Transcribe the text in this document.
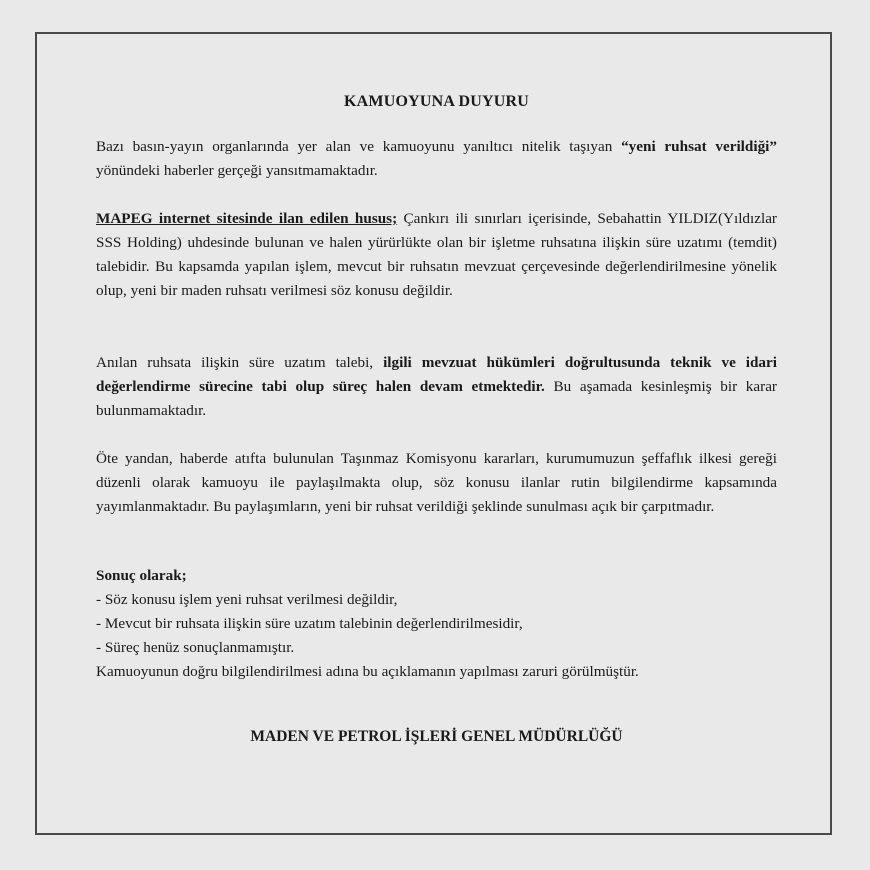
KAMUOYUNA DUYURU

Bazı basın-yayın organlarında yer alan ve kamuoyunu yanıltıcı nitelik taşıyan “yeni ruhsat verildiği” yönündeki haberler gerçeği yansıtmamaktadır.

MAPEG internet sitesinde ilan edilen husus; Çankırı ili sınırları içerisinde, Sebahattin YILDIZ(Yıldızlar SSS Holding) uhdesinde bulunan ve halen yürürlükte olan bir işletme ruhsatına ilişkin süre uzatımı (temdit) talebidir. Bu kapsamda yapılan işlem, mevcut bir ruhsatın mevzuat çerçevesinde değerlendirilmesine yönelik olup, yeni bir maden ruhsatı verilmesi söz konusu değildir.

Anılan ruhsata ilişkin süre uzatım talebi, ilgili mevzuat hükümleri doğrultusunda teknik ve idari değerlendirme sürecine tabi olup süreç halen devam etmektedir. Bu aşamada kesinleşmiş bir karar bulunmamaktadır.

Öte yandan, haberde atıfta bulunulan Taşınmaz Komisyonu kararları, kurumumuzun şeffaflık ilkesi gereği düzenli olarak kamuoyu ile paylaşılmakta olup, söz konusu ilanlar rutin bilgilendirme kapsamında yayımlanmaktadır. Bu paylaşımların, yeni bir ruhsat verildiği şeklinde sunulması açık bir çarpıtmadır.

Sonuç olarak;
- Söz konusu işlem yeni ruhsat verilmesi değildir,
- Mevcut bir ruhsata ilişkin süre uzatım talebinin değerlendirilmesidir,
- Süreç henüz sonuçlanmamıştır.
Kamuoyunun doğru bilgilendirilmesi adına bu açıklamanın yapılması zaruri görülmüştür.

MADEN VE PETROL İŞLERİ GENEL MÜDÜRLÜĞÜ
